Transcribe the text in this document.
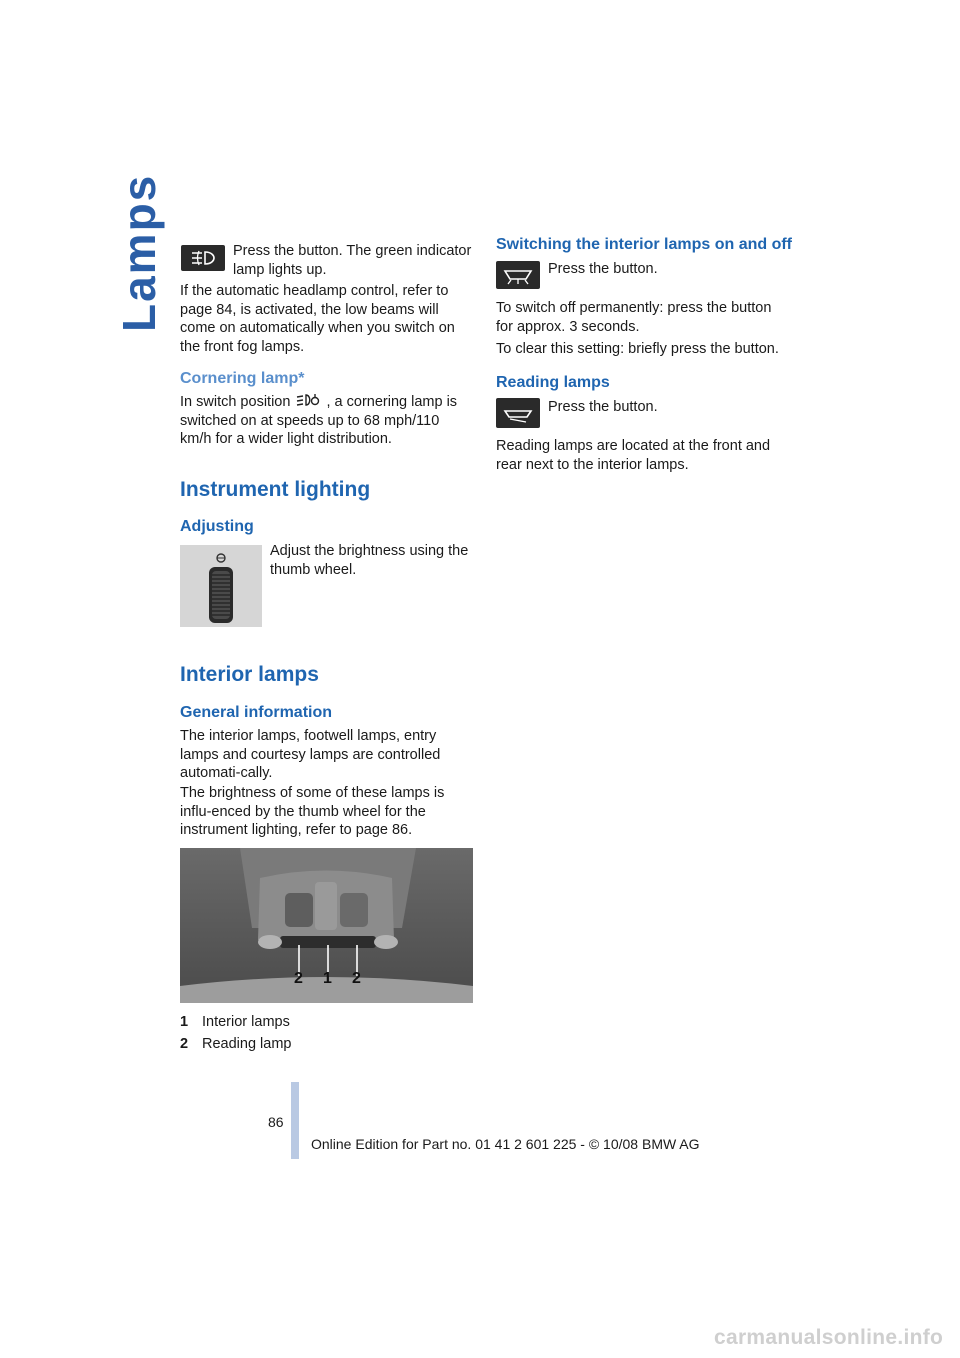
Lamps	Press the button. The green indicator lamp lights up.

If the automatic headlamp control, refer to page 84, is activated, the low beams will come on automatically when you switch on the front fog lamps.

Cornering lamp*

In switch position , a cornering lamp is switched on at speeds up to 68 mph/110 km/h for a wider light distribution.

Instrument lighting
Adjusting

Adjust the brightness using the thumb wheel.

Interior lamps
General information

The interior lamps, footwell lamps, entry lamps and courtesy lamps are controlled automati-cally.

The brightness of some of these lamps is influ-enced by the thumb wheel for the instrument lighting, refer to page 86.

2 1 2

1 Interior lamps

2 Reading lamp

Switching the interior lamps on and off

Press the button.

To switch off permanently: press the button for approx. 3 seconds.

To clear this setting: briefly press the button.

Reading lamps

Press the button.

Reading lamps are located at the front and rear next to the interior lamps.

86
Online Edition for Part no. 01 41 2 601 225 - © 10/08 BMW AG
carmanualsonline.info
